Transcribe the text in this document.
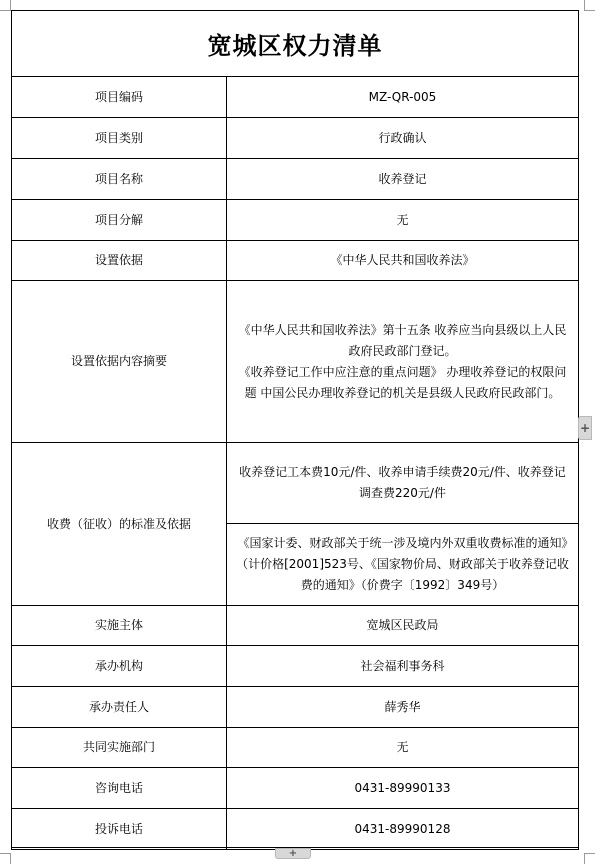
宽城区权力清单
项目编码	MZ-QR-005
项目类别	行政确认
项目名称	收养登记
项目分解	无
设置依据	《中华人民共和国收养法》
设置依据内容摘要	《中华人民共和国收养法》第十五条 收养应当向县级以上人民政府民政部门登记。
《收养登记工作中应注意的重点问题》 办理收养登记的权限问题 中国公民办理收养登记的机关是县级人民政府民政部门。

收费（征收）的标准及依据	收养登记工本费10元/件、收养申请手续费20元/件、收养登记调查费220元/件
	《国家计委、财政部关于统一涉及境内外双重收费标准的通知》（计价格[2001]523号、《国家物价局、财政部关于收养登记收费的通知》（价费字〔1992〕349号）
实施主体	宽城区民政局
承办机构	社会福利事务科
承办责任人	薛秀华
共同实施部门	无
咨询电话	0431-89990133
投诉电话	0431-89990128
+
+
